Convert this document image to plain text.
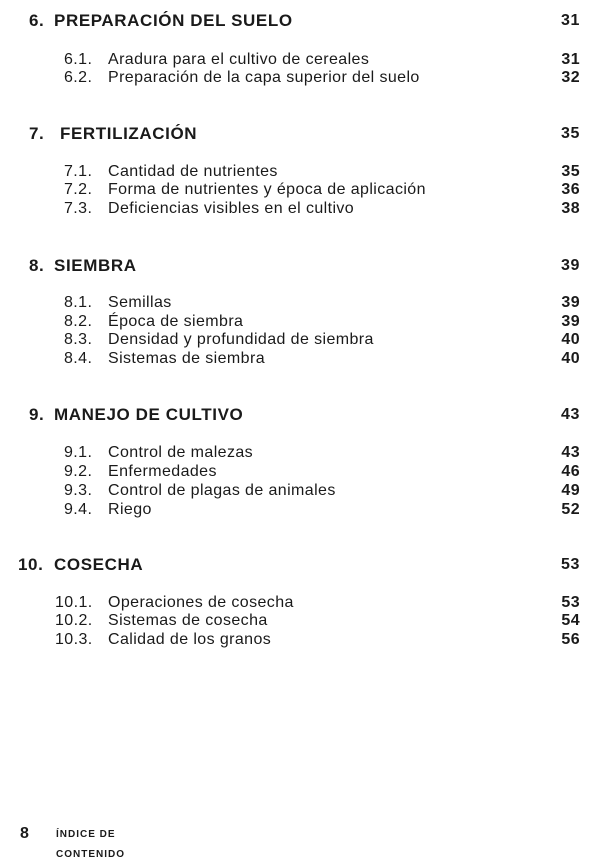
6. PREPARACIÓN DEL SUELO	31
6.1. Aradura para el cultivo de cereales	31
6.2. Preparación de la capa superior del suelo	32
7. FERTILIZACIÓN	35
7.1. Cantidad de nutrientes	35
7.2. Forma de nutrientes y época de aplicación	36
7.3. Deficiencias visibles en el cultivo	38
8. SIEMBRA	39
8.1. Semillas	39
8.2. Época de siembra	39
8.3. Densidad y profundidad de siembra	40
8.4. Sistemas de siembra	40
9. MANEJO DE CULTIVO	43
9.1. Control de malezas	43
9.2. Enfermedades	46
9.3. Control de plagas de animales	49
9.4. Riego	52
10. COSECHA	53
10.1. Operaciones de cosecha	53
10.2. Sistemas de cosecha	54
10.3. Calidad de los granos	56
8	ÍNDICE DE CONTENIDO
